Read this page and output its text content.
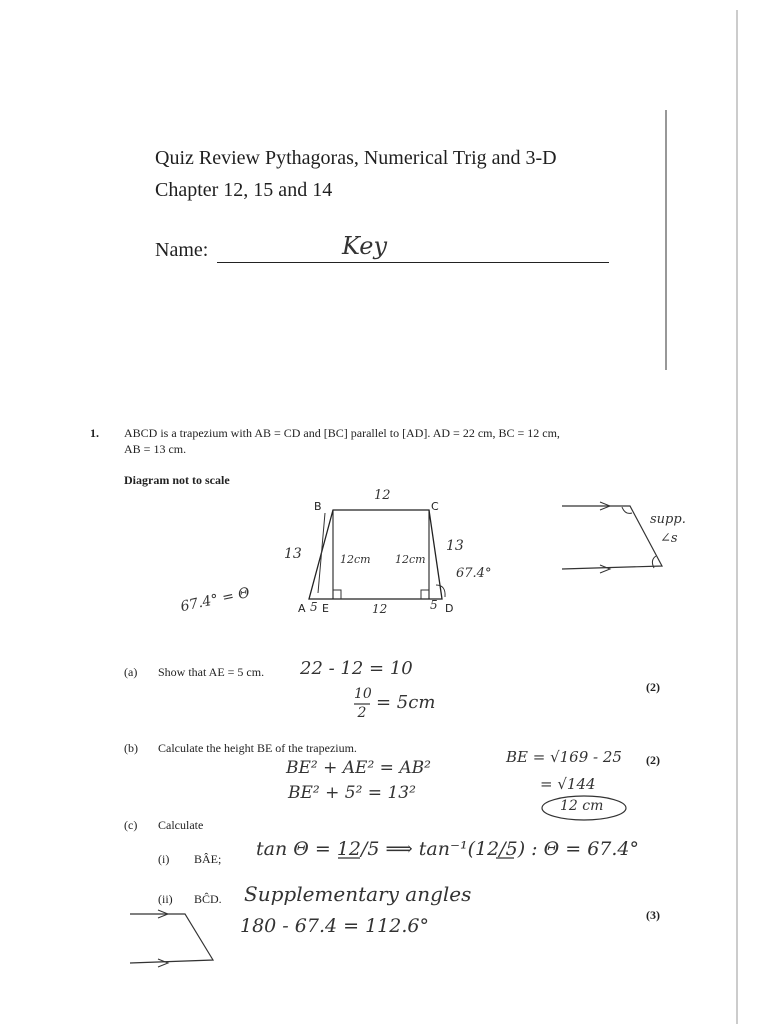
Quiz Review Pythagoras, Numerical Trig and 3-D
Chapter 12, 15 and 14
Name:	Key
1. ABCD is a trapezium with AB = CD and [BC] parallel to [AD]. AD = 22 cm, BC = 12 cm,
AB = 13 cm.
Diagram not to scale
B	C
A E	D
12
13	13
12cm 12cm
5	12	5
67.4°
67.4° = Θ
supp.
∠s
(a) Show that AE = 5 cm. 22 - 12 = 10
10
2 = 5cm
(2)
(b) Calculate the height BE of the trapezium.
BE² + AE² = AB²
BE² + 5² = 13²
BE = √169 - 25
= √144
12 cm
(2)
(c) Calculate
(i) BÂE; tan Θ = 12/5 ⟹ tan⁻¹(12/5) : Θ = 67.4°
(ii) BĈD. Supplementary angles
180 - 67.4 = 112.6°	(3)
